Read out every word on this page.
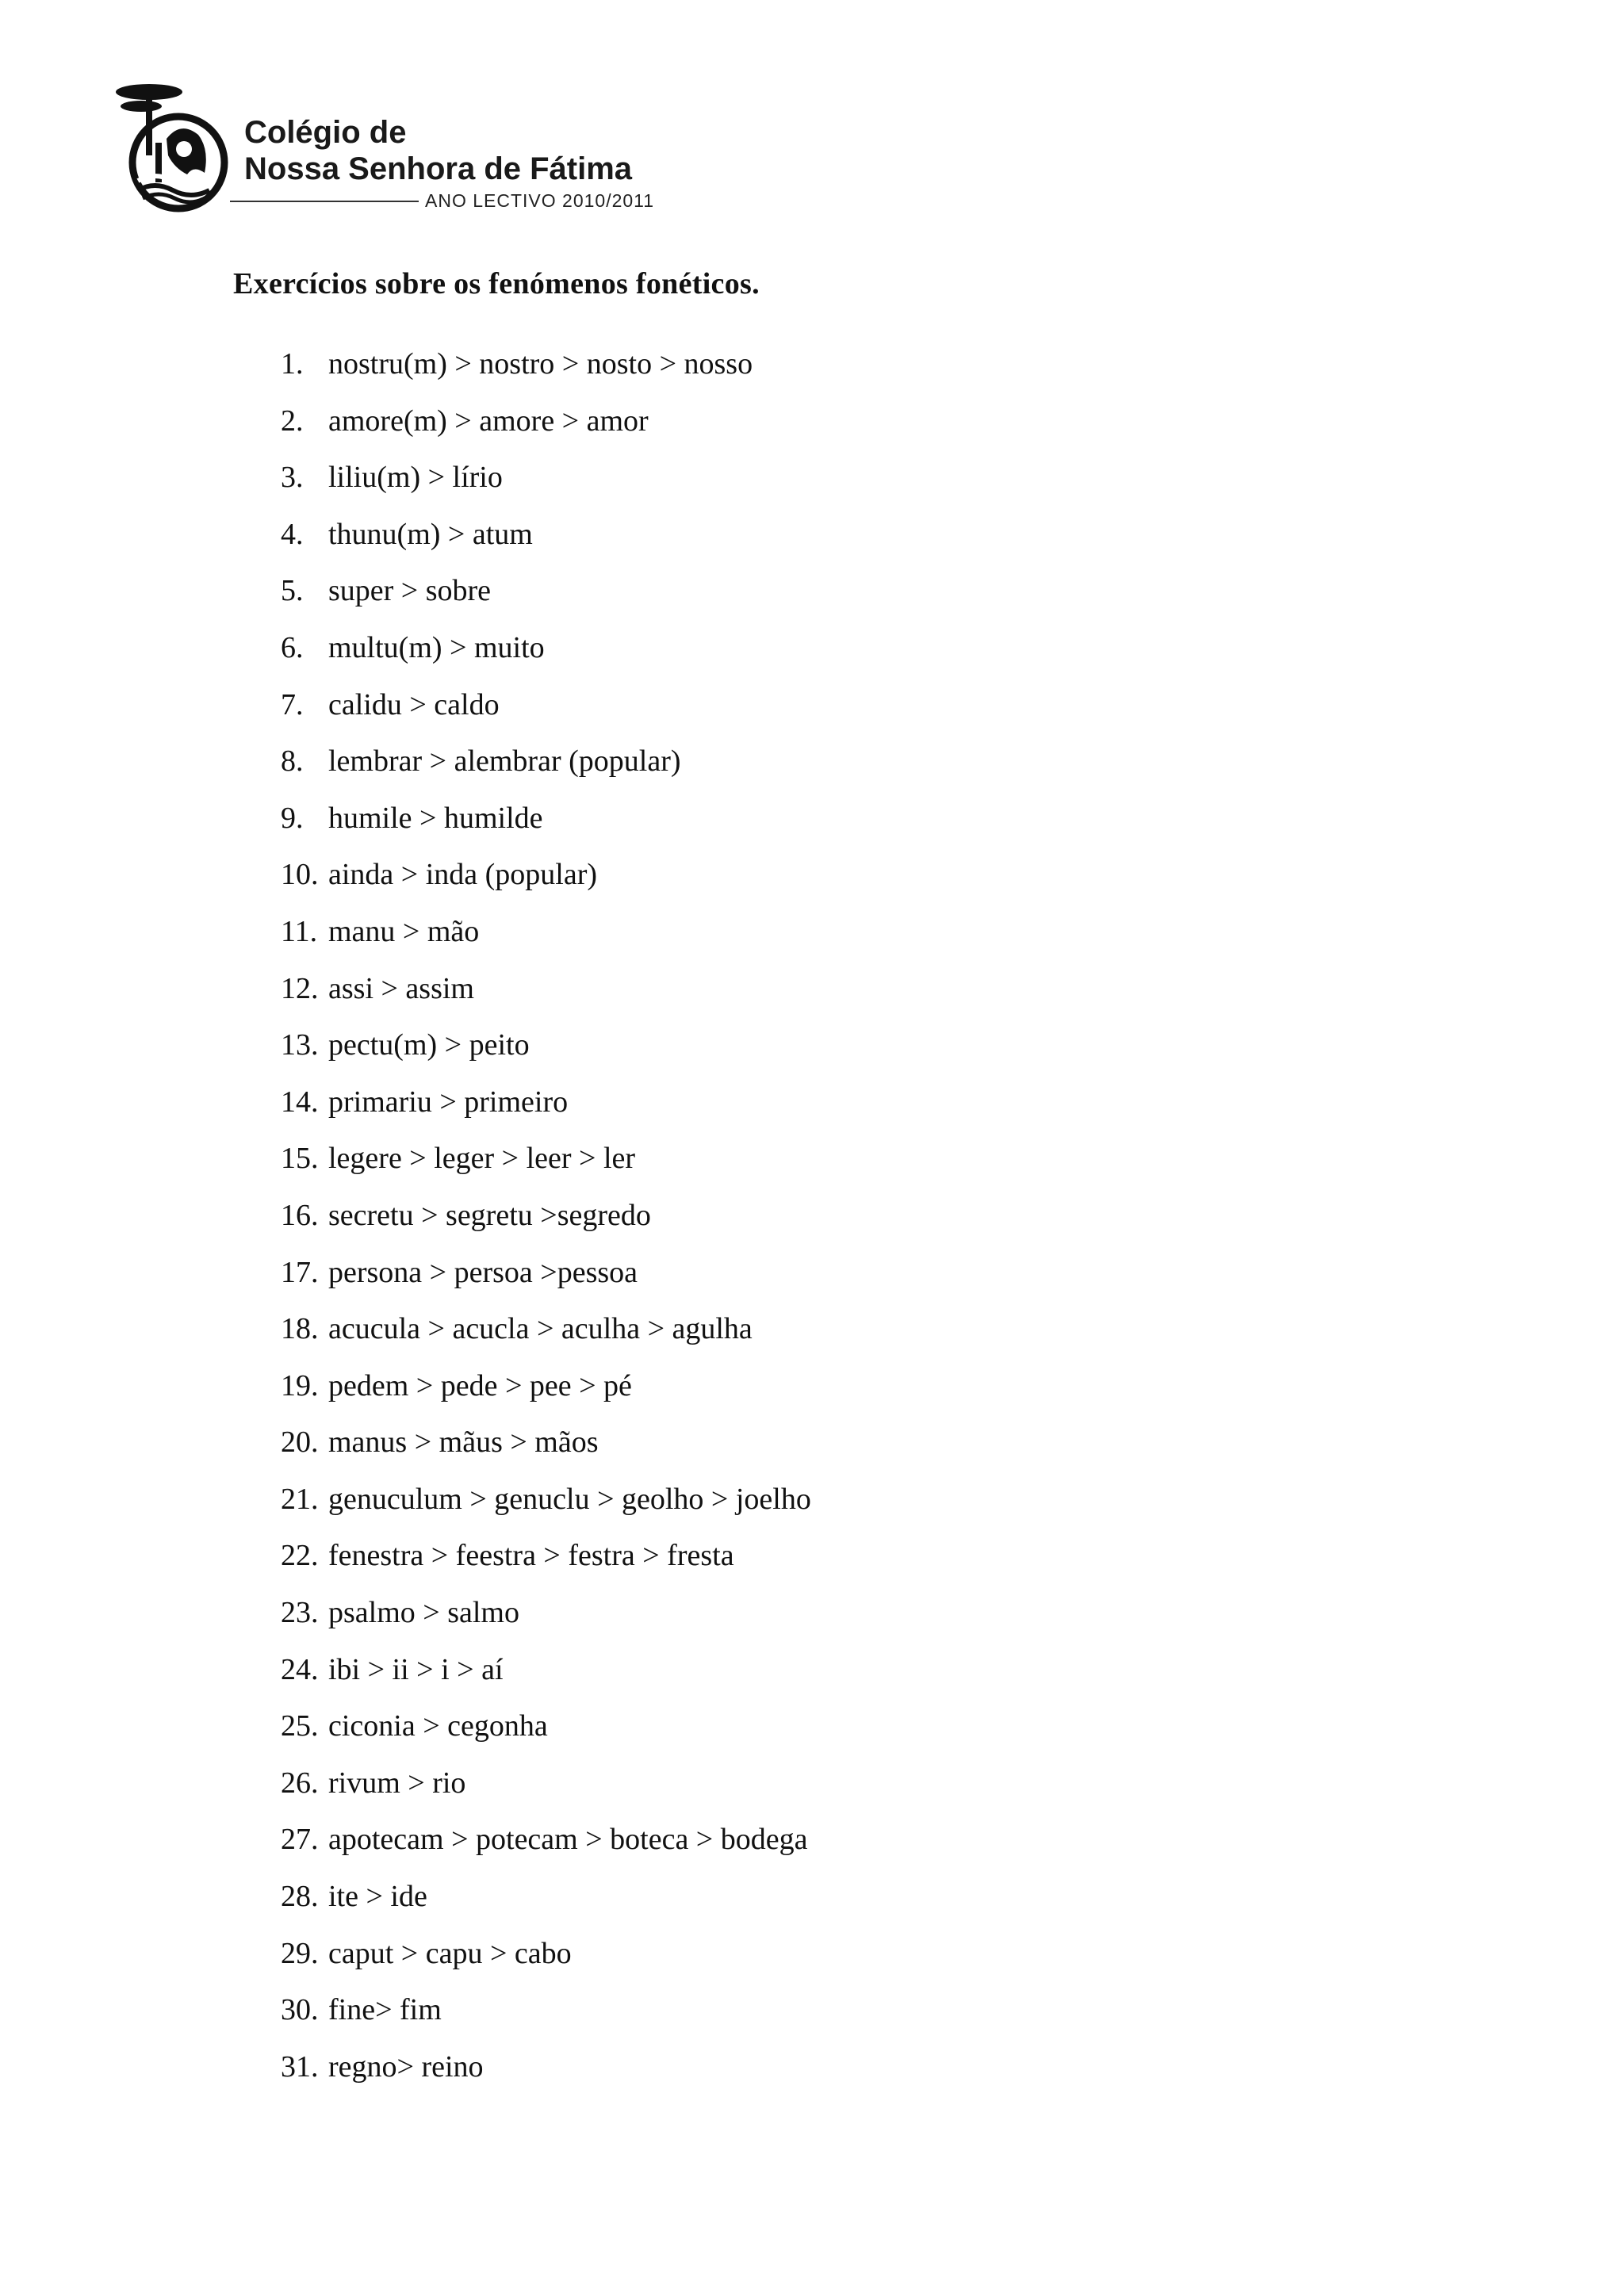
Colégio de
Nossa Senhora de Fátima
ANO LECTIVO 2010/2011
Exercícios sobre os fenómenos fonéticos.
1. nostru(m) > nostro > nosto > nosso
2. amore(m) > amore > amor
3. liliu(m) > lírio
4. thunu(m) > atum
5. super > sobre
6. multu(m) > muito
7. calidu > caldo
8. lembrar > alembrar (popular)
9. humile > humilde
10. ainda > inda (popular)
11. manu > mão
12. assi > assim
13. pectu(m) > peito
14. primariu > primeiro
15. legere > leger > leer > ler
16. secretu > segretu >segredo
17. persona > persoa >pessoa
18. acucula > acucla > aculha > agulha
19. pedem > pede > pee > pé
20. manus > mãus > mãos
21. genuculum > genuclu > geolho > joelho
22. fenestra > feestra > festra > fresta
23. psalmo > salmo
24. ibi > ii > i > aí
25. ciconia > cegonha
26. rivum > rio
27. apotecam > potecam > boteca > bodega
28. ite > ide
29. caput > capu > cabo
30. fine> fim
31. regno> reino
